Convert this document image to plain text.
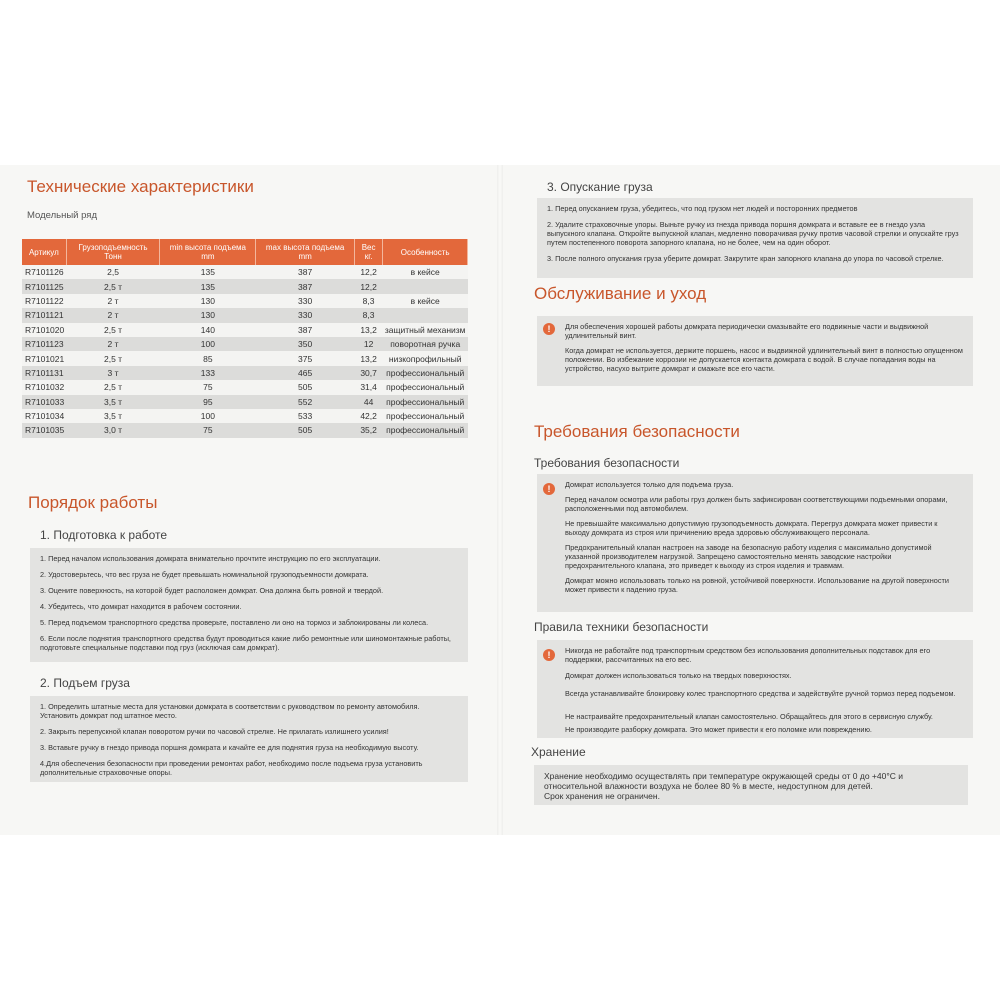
Технические характеристики
Модельный ряд
Артикул	Грузоподъемность Тонн	min высота подъема mm	max высота подъема mm	Вес кг.	Особенность
R7101126	2,5	135	387	12,2	в кейсе
R7101125	2,5 т	135	387	12,2	
R7101122	2 т	130	330	8,3	в кейсе
R7101121	2 т	130	330	8,3	
R7101020	2,5 т	140	387	13,2	защитный механизм
R7101123	2 т	100	350	12	поворотная ручка
R7101021	2,5 т	85	375	13,2	низкопрофильный
R7101131	3 т	133	465	30,7	профессиональный
R7101032	2,5 т	75	505	31,4	профессиональный
R7101033	3,5 т	95	552	44	профессиональный
R7101034	3,5 т	100	533	42,2	профессиональный
R7101035	3,0 т	75	505	35,2	профессиональный
Порядок работы
1. Подготовка к работе

1. Перед началом использования домкрата внимательно прочтите инструкцию по его эксплуатации.

2. Удостоверьтесь, что вес груза не будет превышать номинальной грузоподъемности домкрата.

3. Оцените поверхность, на которой будет расположен домкрат. Она должна быть ровной и твердой.

4. Убедитесь, что домкрат находится в рабочем состоянии.

5. Перед подъемом транспортного средства проверьте, поставлено ли оно на тормоз и заблокированы ли колеса.

6. Если после поднятия транспортного средства будут проводиться какие либо ремонтные или шиномонтажные работы, подготовьте специальные подставки под груз (исключая сам домкрат).

2. Подъем груза

1. Определить штатные места для установки домкрата в соответствии с руководством по ремонту автомобиля. Установить домкрат под штатное место.

2. Закрыть перепускной клапан поворотом ручки по часовой стрелке. Не прилагать излишнего усилия!

3. Вставьте ручку в гнездо привода поршня домкрата и качайте ее для поднятия груза на необходимую высоту.

4.Для обеспечения безопасности при проведении ремонтах работ, необходимо после подъема груза установить дополнительные страховочные опоры.

3. Опускание груза

1. Перед опусканием груза, убедитесь, что под грузом нет людей и посторонних предметов

2. Удалите страховочные упоры. Выньте ручку из гнезда привода поршня домкрата и вставьте ее в гнездо узла выпускного клапана. Откройте выпускной клапан, медленно поворачивая ручку против часовой стрелки и опускайте груз путем постепенного поворота запорного клапана, но не более, чем на один оборот.

3. После полного опускания груза уберите домкрат. Закрутите кран запорного клапана до упора по часовой стрелке.

Обслуживание и уход
!	Для обеспечения хорошей работы домкрата периодически смазывайте его подвижные части и выдвижной удлинительный винт.

Когда домкрат не используется, держите поршень, насос и выдвижной удлинительный винт в полностью опущенном положении. Во избежание коррозии не допускается контакта домкрата с водой. В случае попадания воды на устройство, насухо вытрите домкрат и смажьте все его части.

Требования безопасности
Требования безопасности
!	Домкрат используется только для подъема груза.

Перед началом осмотра или работы груз должен быть зафиксирован соответствующими подъемными опорами, расположенными под автомобилем.

Не превышайте максимально допустимую грузоподъемность домкрата. Перегруз домкрата может привести к выходу домкрата из строя или причинению вреда здоровью обслуживающего персонала.

Предохранительный клапан настроен на заводе на безопасную работу изделия с максимально допустимой указанной производителем нагрузкой. Запрещено самостоятельно менять заводские настройки предохранительного клапана, это приведет к выходу из строя изделия и травмам.

Домкрат можно использовать только на ровной, устойчивой поверхности. Использование на другой поверхности может привести к падению груза.

Правила техники безопасности
!	Никогда не работайте под транспортным средством без использования дополнительных подставок для его поддержки, рассчитанных на его вес.

Домкрат должен использоваться только на твердых поверхностях.

Всегда устанавливайте блокировку колес транспортного средства и задействуйте ручной тормоз перед подъемом.

Не настраивайте предохранительный клапан самостоятельно. Обращайтесь для этого в сервисную службу.

Не производите разборку домкрата. Это может привести к его поломке или повреждению.

Хранение
Хранение необходимо осуществлять при температуре окружающей среды от 0 до +40°C и относительной влажности воздуха не более 80 % в месте, недоступном для детей.
Срок хранения не ограничен.
